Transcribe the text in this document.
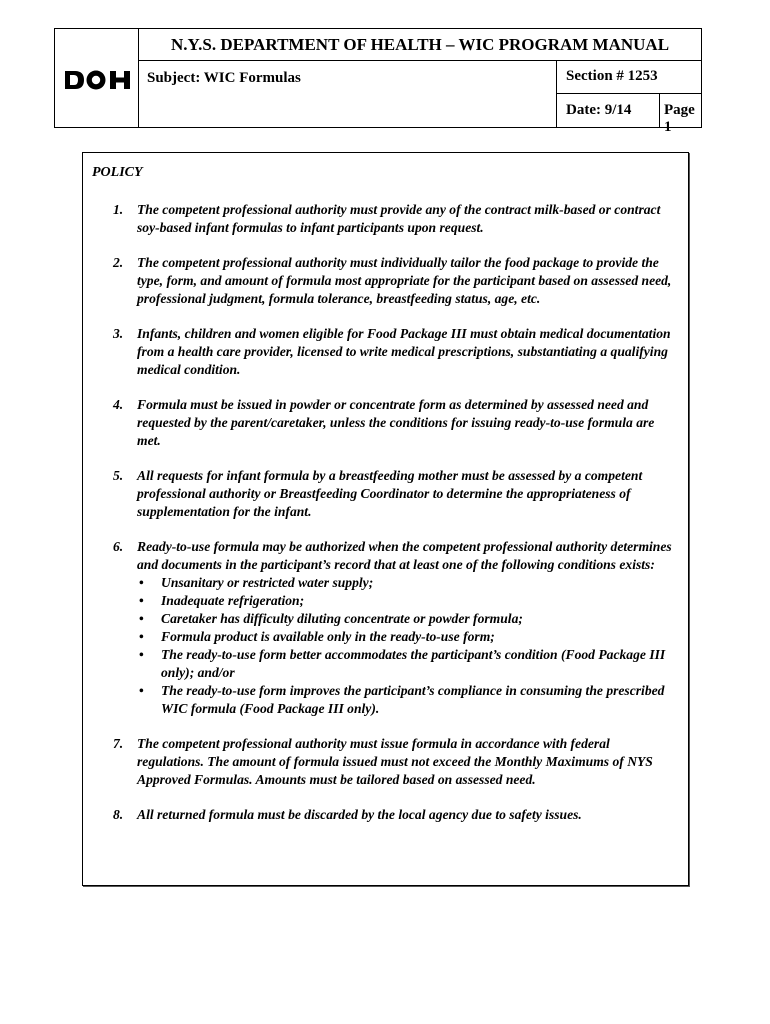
N.Y.S. DEPARTMENT OF HEALTH – WIC PROGRAM MANUAL
Subject: WIC Formulas	Section # 1253
Date: 9/14	Page 1
POLICY
1. The competent professional authority must provide any of the contract milk-based or contract soy-based infant formulas to infant participants upon request.
2. The competent professional authority must individually tailor the food package to provide the type, form, and amount of formula most appropriate for the participant based on assessed need, professional judgment, formula tolerance, breastfeeding status, age, etc.
3. Infants, children and women eligible for Food Package III must obtain medical documentation from a health care provider, licensed to write medical prescriptions, substantiating a qualifying medical condition.
4. Formula must be issued in powder or concentrate form as determined by assessed need and requested by the parent/caretaker, unless the conditions for issuing ready-to-use formula are met.
5. All requests for infant formula by a breastfeeding mother must be assessed by a competent professional authority or Breastfeeding Coordinator to determine the appropriateness of supplementation for the infant.
6. Ready-to-use formula may be authorized when the competent professional authority determines and documents in the participant’s record that at least one of the following conditions exists:
• Unsanitary or restricted water supply;
• Inadequate refrigeration;
• Caretaker has difficulty diluting concentrate or powder formula;
• Formula product is available only in the ready-to-use form;
• The ready-to-use form better accommodates the participant’s condition (Food Package III only); and/or
• The ready-to-use form improves the participant’s compliance in consuming the prescribed WIC formula (Food Package III only).
7. The competent professional authority must issue formula in accordance with federal regulations. The amount of formula issued must not exceed the Monthly Maximums of NYS Approved Formulas. Amounts must be tailored based on assessed need.
8. All returned formula must be discarded by the local agency due to safety issues.
